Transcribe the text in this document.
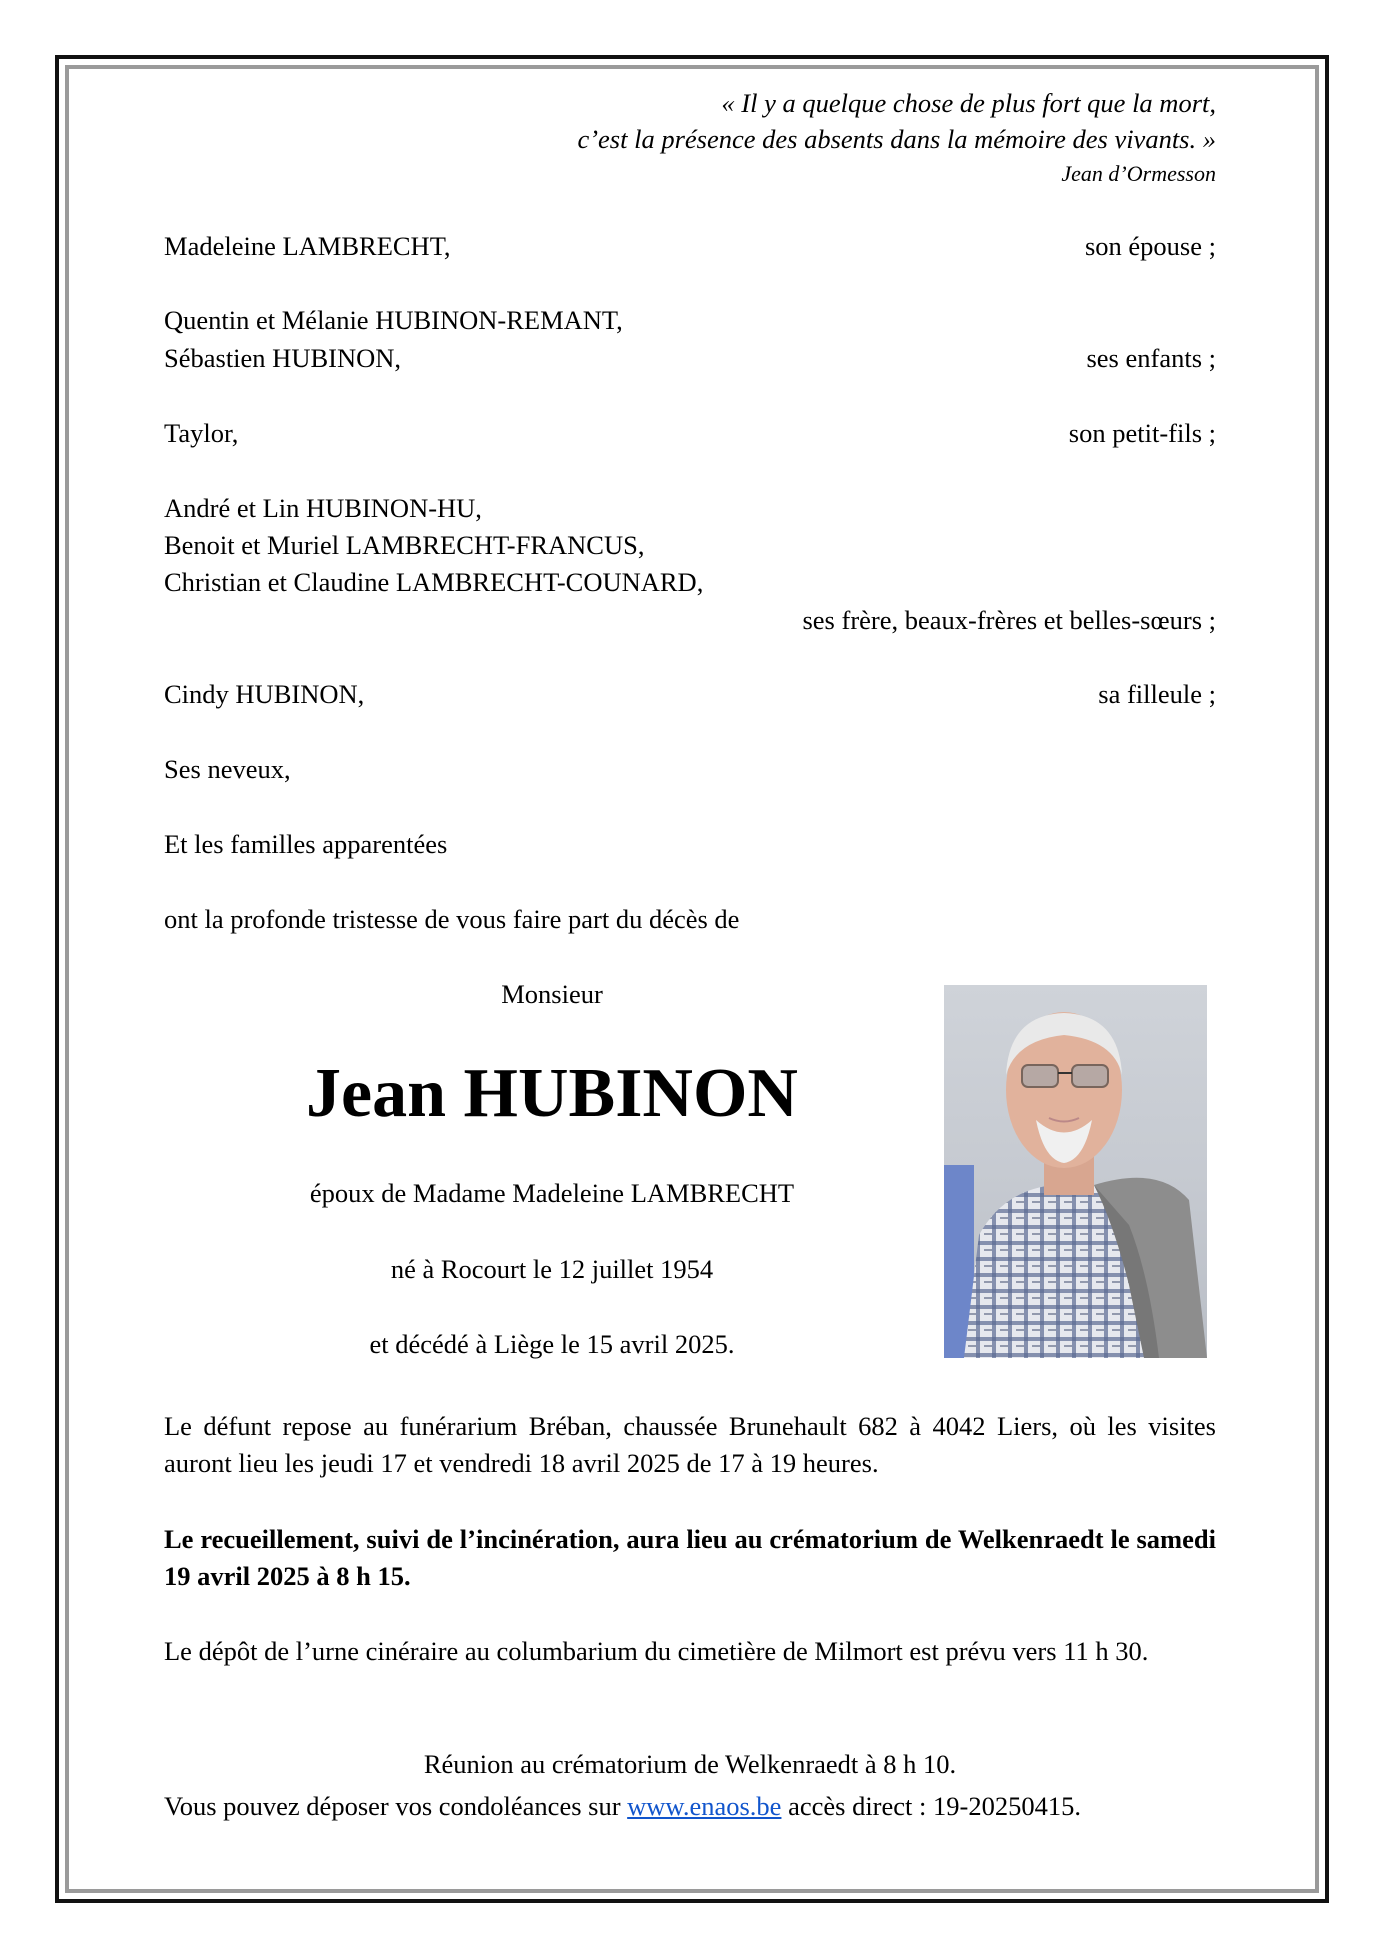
« Il y a quelque chose de plus fort que la mort,
c’est la présence des absents dans la mémoire des vivants. »
Jean d’Ormesson
Madeleine LAMBRECHT,	son épouse ;
Quentin et Mélanie HUBINON-REMANT,
Sébastien HUBINON,	ses enfants ;
Taylor,	son petit-fils ;
André et Lin HUBINON-HU,
Benoit et Muriel LAMBRECHT-FRANCUS,
Christian et Claudine LAMBRECHT-COUNARD,
ses frère, beaux-frères et belles-sœurs ;
Cindy HUBINON,	sa filleule ;
Ses neveux,
Et les familles apparentées
ont la profonde tristesse de vous faire part du décès de
Monsieur
Jean HUBINON
époux de Madame Madeleine LAMBRECHT
né à Rocourt le 12 juillet 1954
et décédé à Liège le 15 avril 2025.
Le défunt repose au funérarium Bréban, chaussée Brunehault 682 à 4042 Liers, où les visites auront lieu les jeudi 17 et vendredi 18 avril 2025 de 17 à 19 heures.
Le recueillement, suivi de l’incinération, aura lieu au crématorium de Welkenraedt le samedi 19 avril 2025 à 8 h 15.
Le dépôt de l’urne cinéraire au columbarium du cimetière de Milmort est prévu vers 11 h 30.
Réunion au crématorium de Welkenraedt à 8 h 10.
Vous pouvez déposer vos condoléances sur www.enaos.be accès direct : 19-20250415.
